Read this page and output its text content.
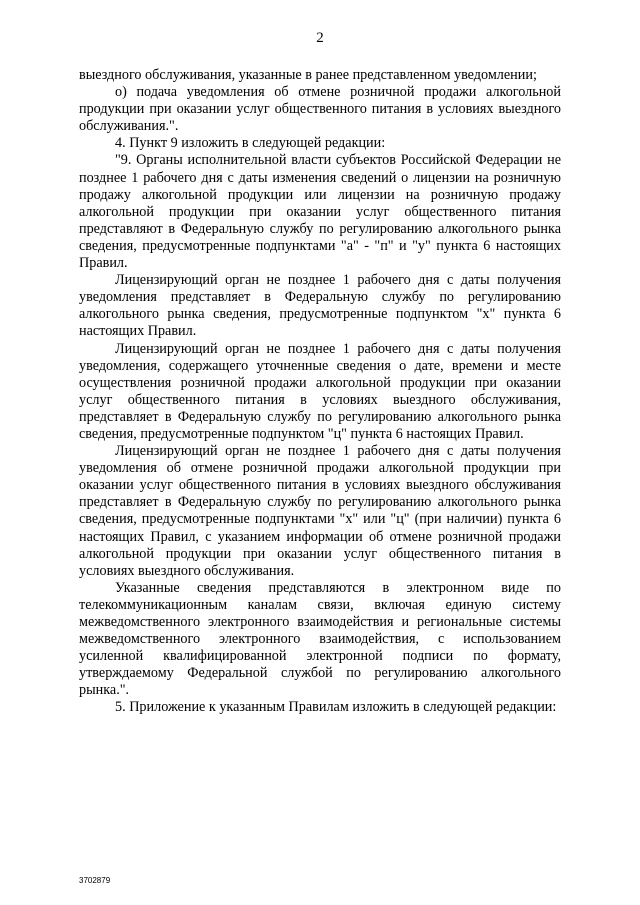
2

выездного обслуживания, указанные в ранее представленном уведомлении;

о) подача уведомления об отмене розничной продажи алкогольной продукции при оказании услуг общественного питания в условиях выездного обслуживания.".

4. Пункт 9 изложить в следующей редакции:

"9. Органы исполнительной власти субъектов Российской Федерации не позднее 1 рабочего дня с даты изменения сведений о лицензии на розничную продажу алкогольной продукции или лицензии на розничную продажу алкогольной продукции при оказании услуг общественного питания представляют в Федеральную службу по регулированию алкогольного рынка сведения, предусмотренные подпунктами "а" - "п" и "у" пункта 6 настоящих Правил.

Лицензирующий орган не позднее 1 рабочего дня с даты получения уведомления представляет в Федеральную службу по регулированию алкогольного рынка сведения, предусмотренные подпунктом "х" пункта 6 настоящих Правил.

Лицензирующий орган не позднее 1 рабочего дня с даты получения уведомления, содержащего уточненные сведения о дате, времени и месте осуществления розничной продажи алкогольной продукции при оказании услуг общественного питания в условиях выездного обслуживания, представляет в Федеральную службу по регулированию алкогольного рынка сведения, предусмотренные подпунктом "ц" пункта 6 настоящих Правил.

Лицензирующий орган не позднее 1 рабочего дня с даты получения уведомления об отмене розничной продажи алкогольной продукции при оказании услуг общественного питания в условиях выездного обслуживания представляет в Федеральную службу по регулированию алкогольного рынка сведения, предусмотренные подпунктами "х" или "ц" (при наличии) пункта 6 настоящих Правил, с указанием информации об отмене розничной продажи алкогольной продукции при оказании услуг общественного питания в условиях выездного обслуживания.

Указанные сведения представляются в электронном виде по телекоммуникационным каналам связи, включая единую систему межведомственного электронного взаимодействия и региональные системы межведомственного электронного взаимодействия, с использованием усиленной квалифицированной электронной подписи по формату, утверждаемому Федеральной службой по регулированию алкогольного рынка.".

5. Приложение к указанным Правилам изложить в следующей редакции:

3702879
